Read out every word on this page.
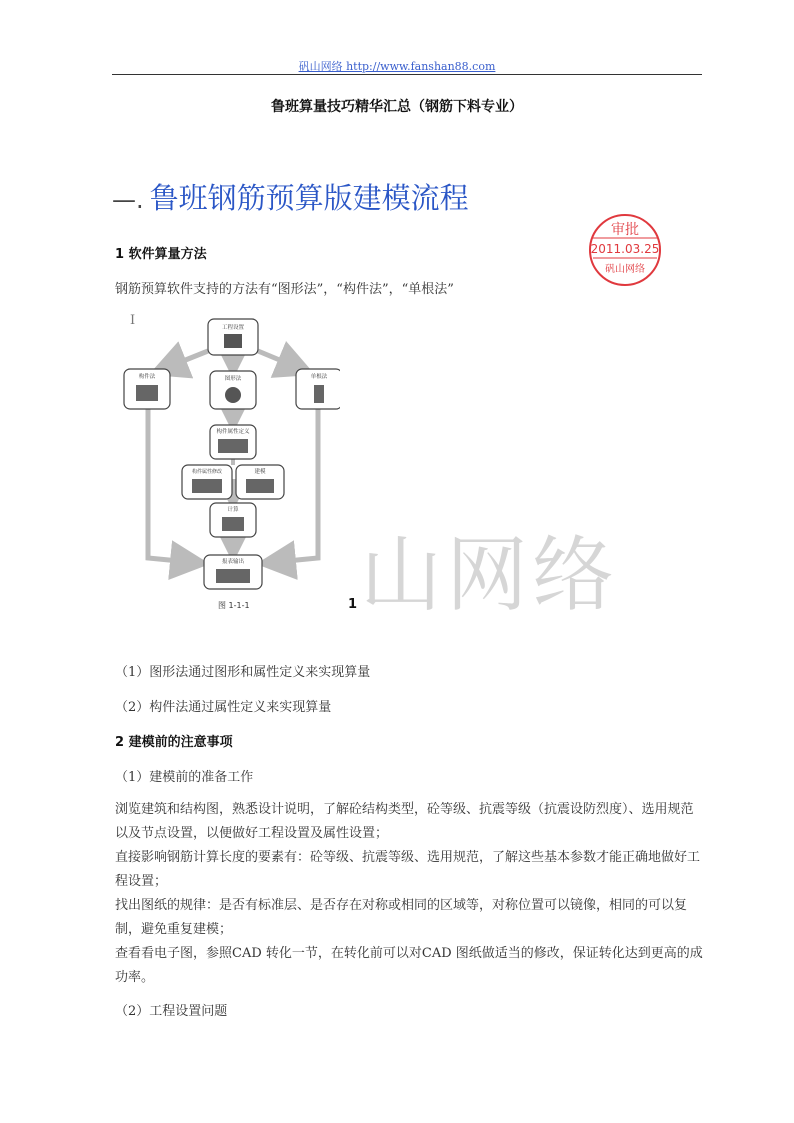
矾山网络 http://www.fanshan88.com
鲁班算量技巧精华汇总（钢筋下料专业）
—. 鲁班钢筋预算版建模流程
审批
2011.03.25
矾山网络
山网络
1 软件算量方法
钢筋预算软件支持的方法有“图形法”，“构件法”，“单根法”
I	工程设置
构件法	图形法	单根法
构件属性定义
构件属性修改	建模
计算
报表输出
图 1-1-1	1
（1）图形法通过图形和属性定义来实现算量
（2）构件法通过属性定义来实现算量
2 建模前的注意事项
（1）建模前的准备工作
浏览建筑和结构图，熟悉设计说明，了解砼结构类型，砼等级、抗震等级（抗震设防烈度）、选用规范以及节点设置，以便做好工程设置及属性设置；
直接影响钢筋计算长度的要素有：砼等级、抗震等级、选用规范，了解这些基本参数才能正确地做好工程设置；
找出图纸的规律：是否有标准层、是否存在对称或相同的区域等，对称位置可以镜像，相同的可以复制，避免重复建模；
查看看电子图，参照CAD 转化一节，在转化前可以对CAD 图纸做适当的修改，保证转化达到更高的成功率。
（2）工程设置问题
